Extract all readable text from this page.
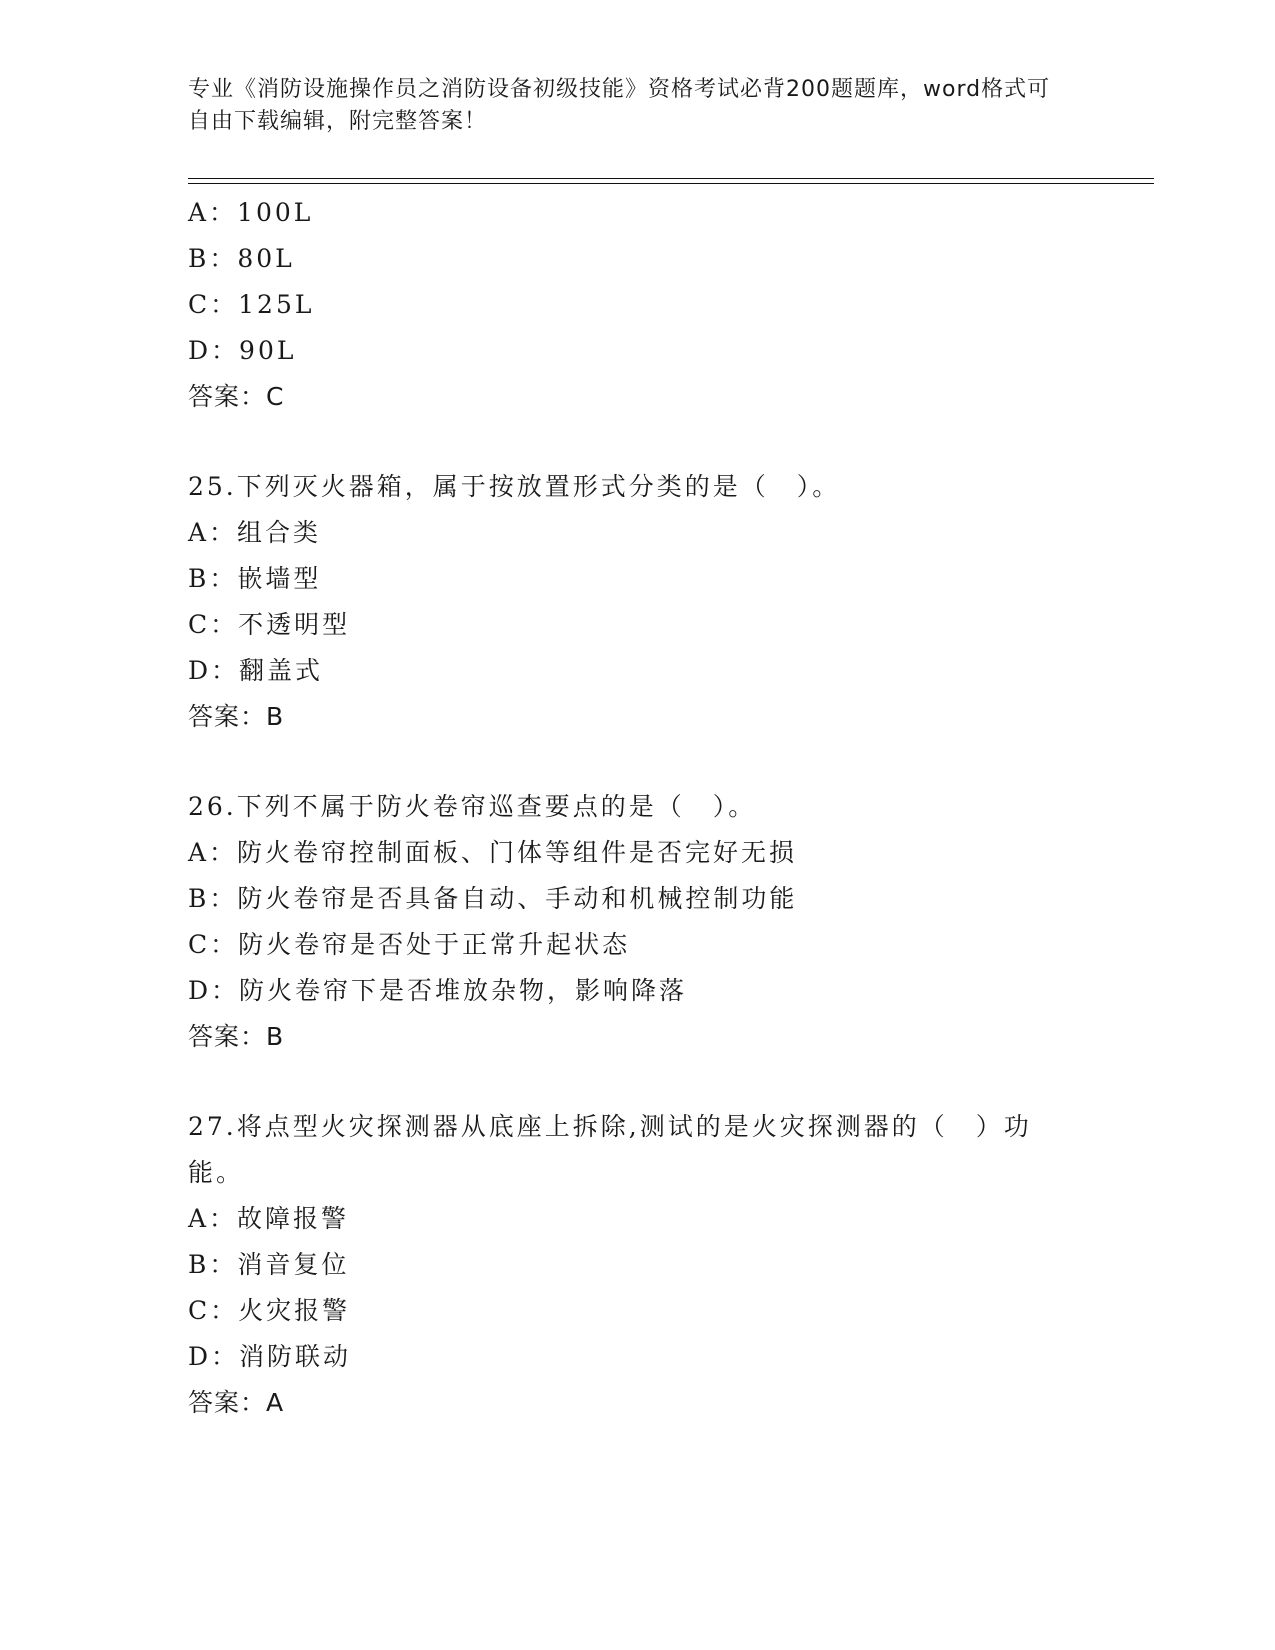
专业《消防设施操作员之消防设备初级技能》资格考试必背200题题库，word格式可自由下载编辑，附完整答案！
A：100L
B：80L
C：125L
D：90L
答案：C
25.下列灭火器箱，属于按放置形式分类的是（　）。
A：组合类
B：嵌墙型
C：不透明型
D：翻盖式
答案：B
26.下列不属于防火卷帘巡查要点的是（　）。
A：防火卷帘控制面板、门体等组件是否完好无损
B：防火卷帘是否具备自动、手动和机械控制功能
C：防火卷帘是否处于正常升起状态
D：防火卷帘下是否堆放杂物，影响降落
答案：B
27.将点型火灾探测器从底座上拆除,测试的是火灾探测器的（　）功能。
A：故障报警
B：消音复位
C：火灾报警
D：消防联动
答案：A
